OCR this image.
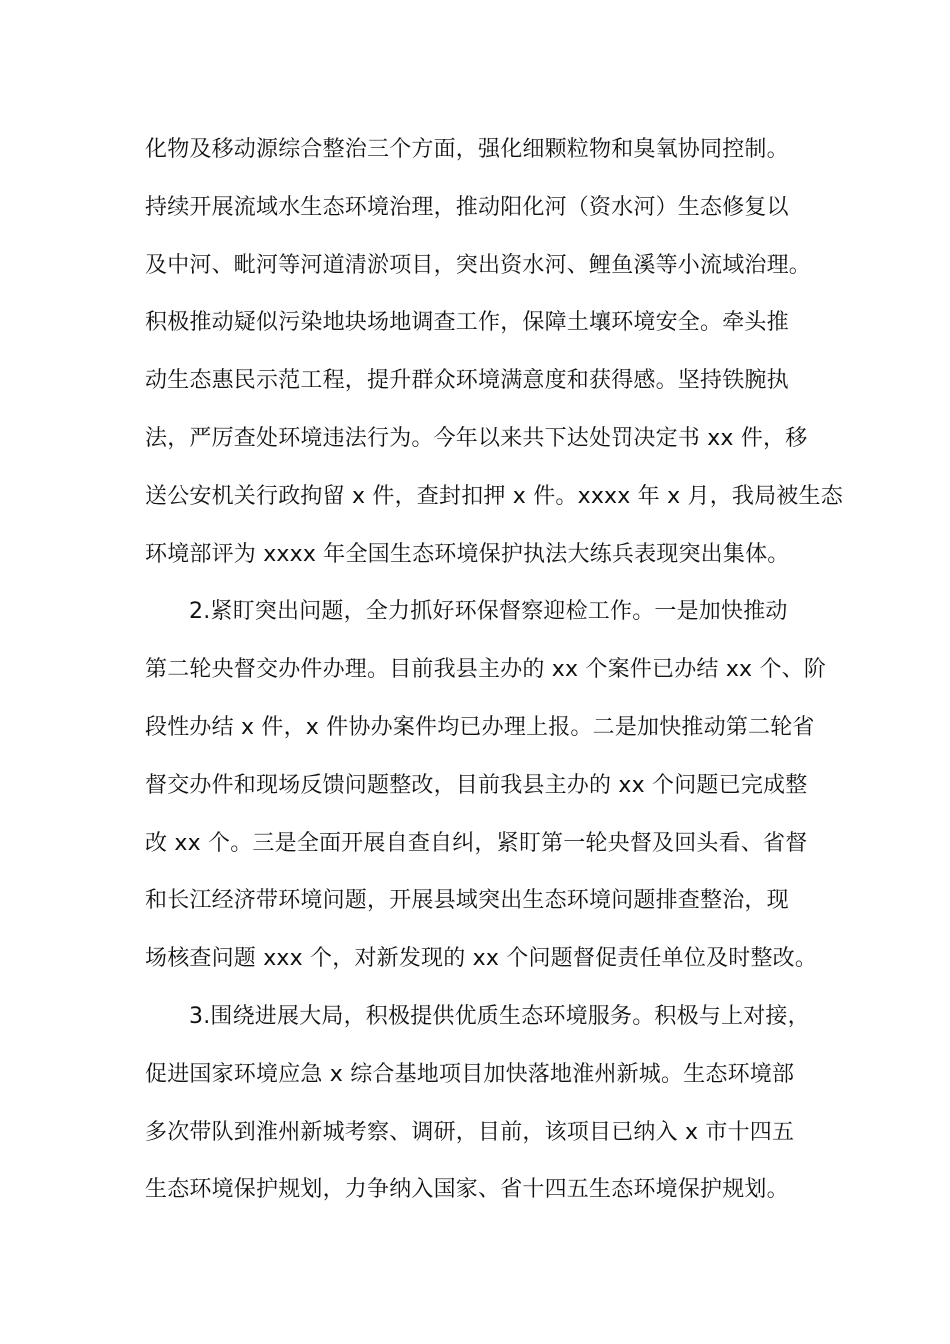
化物及移动源综合整治三个方面，强化细颗粒物和臭氧协同控制。
持续开展流域水生态环境治理，推动阳化河（资水河）生态修复以
及中河、毗河等河道清淤项目，突出资水河、鲤鱼溪等小流域治理。
积极推动疑似污染地块场地调查工作，保障土壤环境安全。牵头推
动生态惠民示范工程，提升群众环境满意度和获得感。坚持铁腕执
法，严厉查处环境违法行为。今年以来共下达处罚决定书 xx 件，移
送公安机关行政拘留 x 件，查封扣押 x 件。xxxx 年 x 月，我局被生态
环境部评为 xxxx 年全国生态环境保护执法大练兵表现突出集体。
2.紧盯突出问题，全力抓好环保督察迎检工作。一是加快推动
第二轮央督交办件办理。目前我县主办的 xx 个案件已办结 xx 个、阶
段性办结 x 件，x 件协办案件均已办理上报。二是加快推动第二轮省
督交办件和现场反馈问题整改，目前我县主办的 xx 个问题已完成整
改 xx 个。三是全面开展自查自纠，紧盯第一轮央督及回头看、省督
和长江经济带环境问题，开展县域突出生态环境问题排查整治，现
场核查问题 xxx 个，对新发现的 xx 个问题督促责任单位及时整改。
3.围绕进展大局，积极提供优质生态环境服务。积极与上对接，
促进国家环境应急 x 综合基地项目加快落地淮州新城。生态环境部
多次带队到淮州新城考察、调研，目前，该项目已纳入 x 市十四五
生态环境保护规划，力争纳入国家、省十四五生态环境保护规划。
